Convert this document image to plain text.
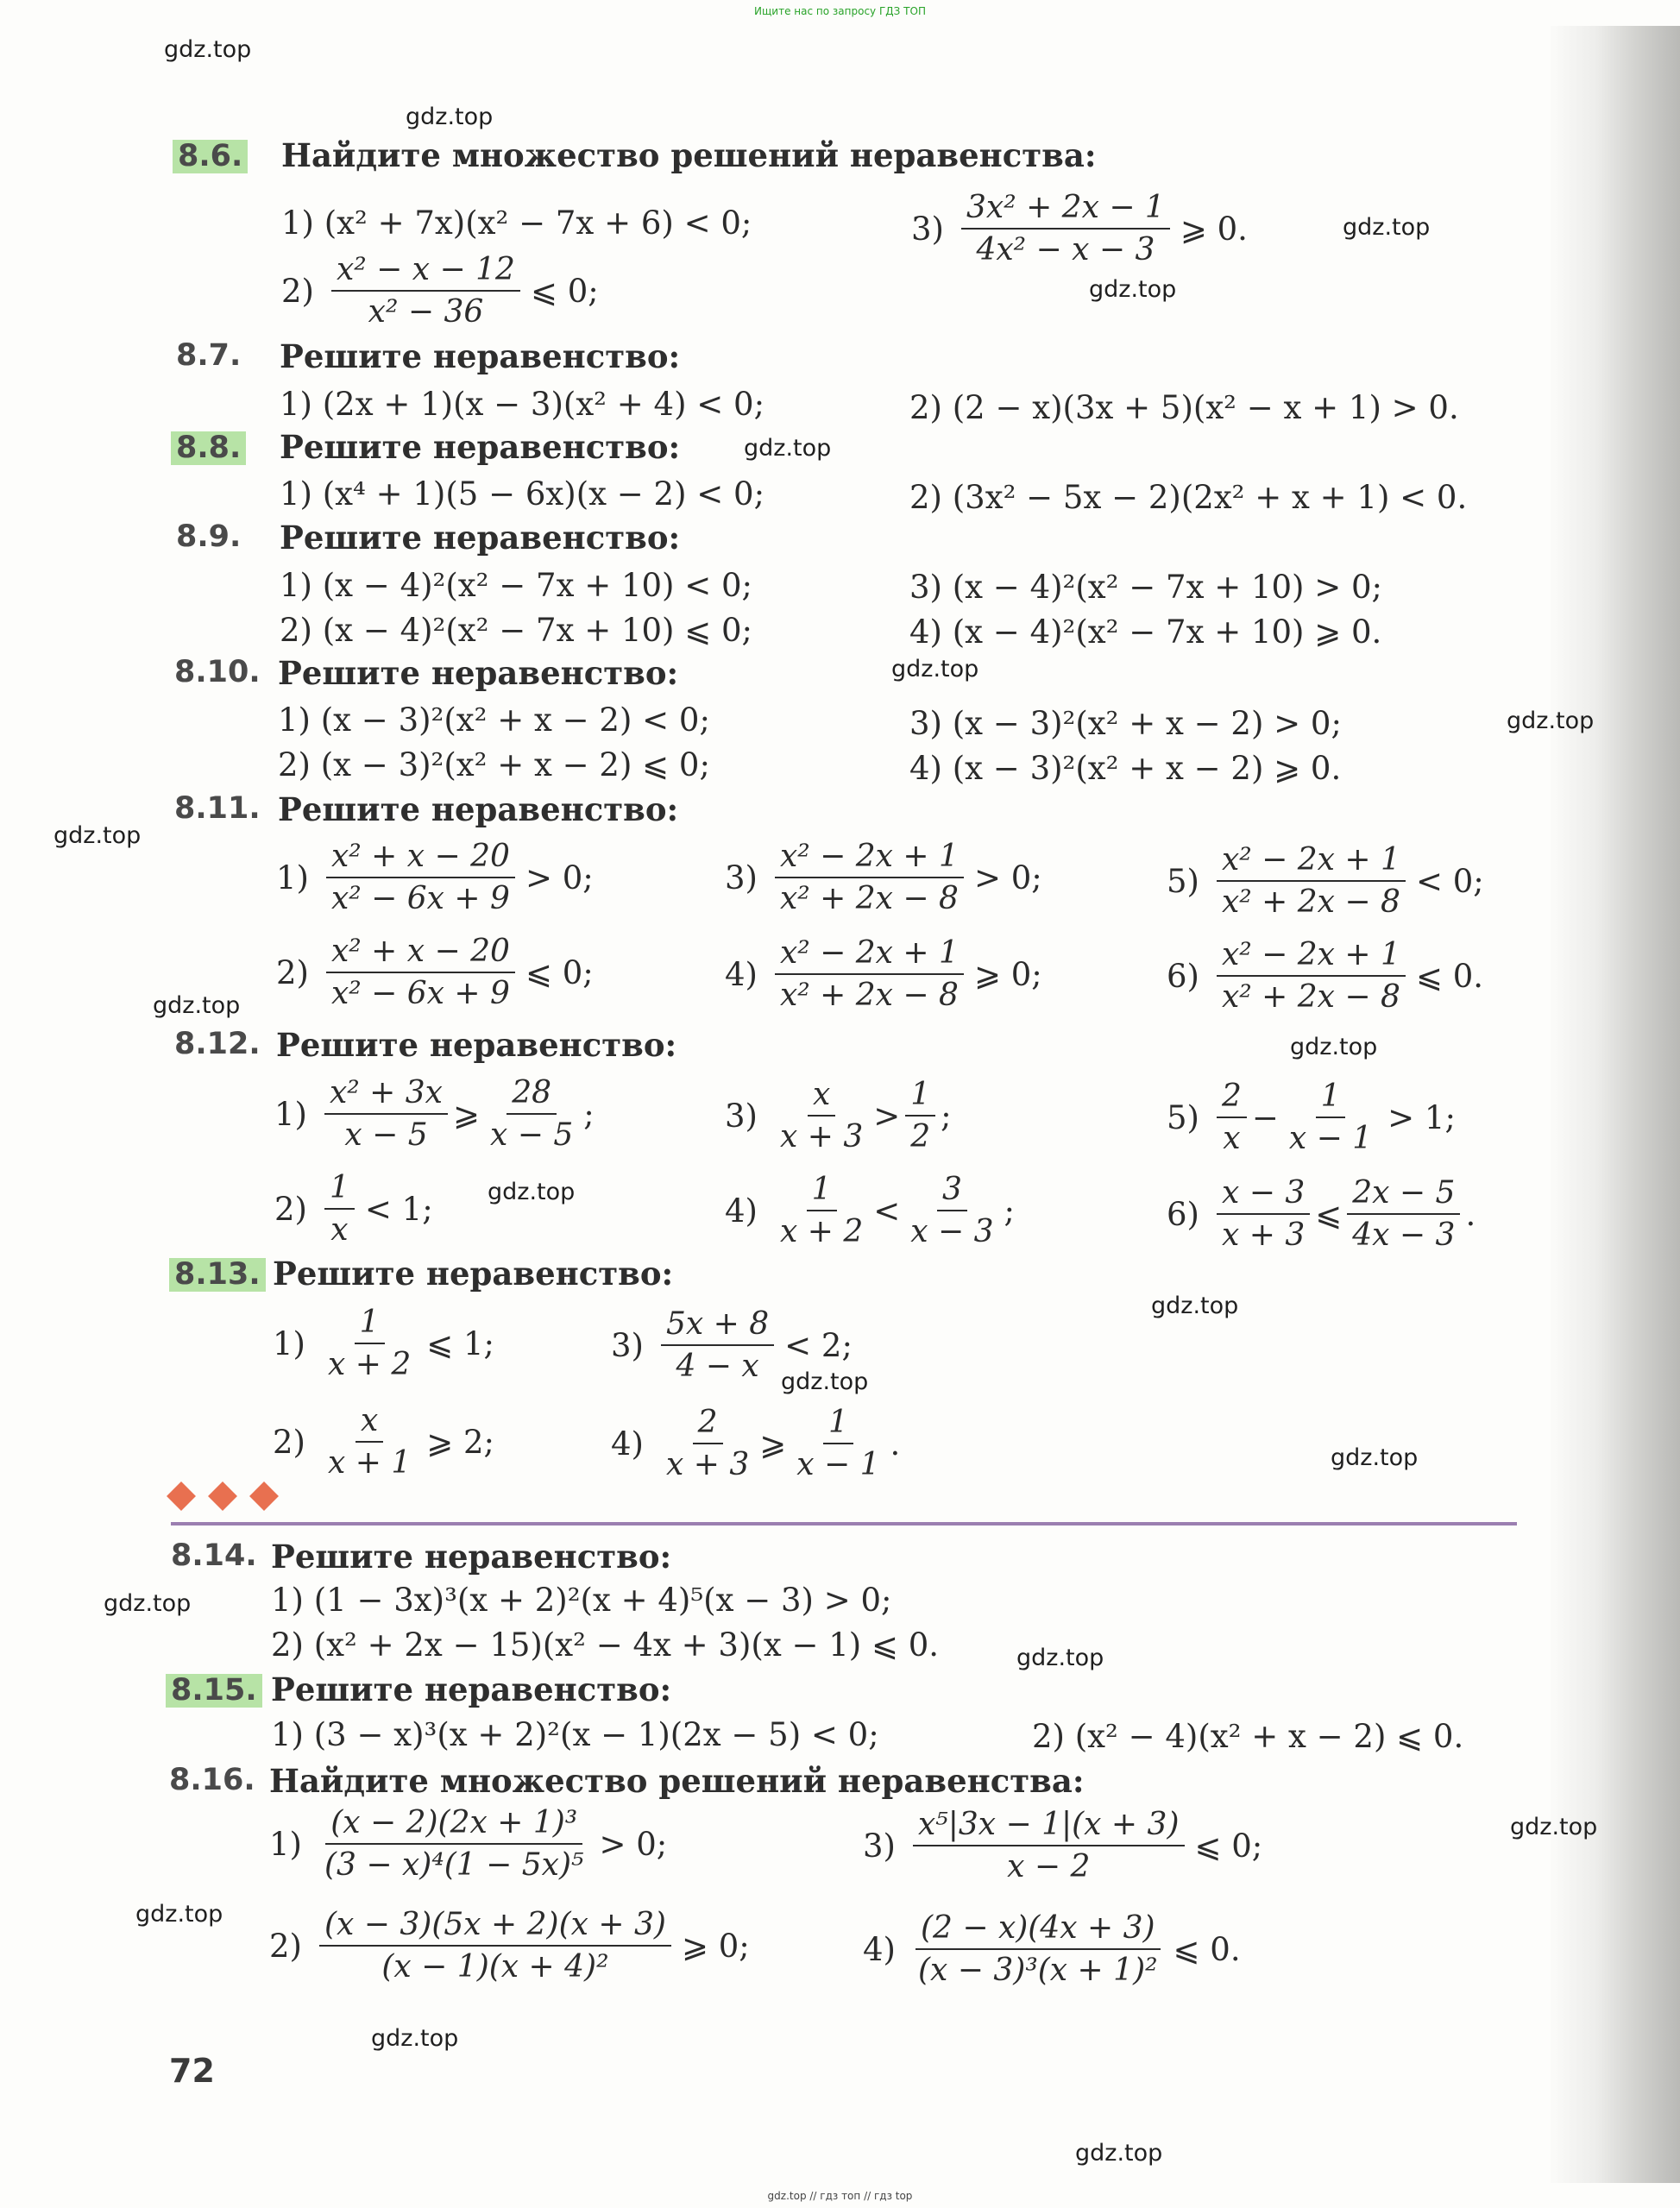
Ищите нас по запросу ГДЗ ТОП
gdz.top
gdz.top
gdz.top
gdz.top
gdz.top
gdz.top
gdz.top
gdz.top
gdz.top
gdz.top
gdz.top
gdz.top
gdz.top
gdz.top
gdz.top
gdz.top
gdz.top
gdz.top
gdz.top
gdz.top
8.6. Найдите множество решений неравенства:
1) (x² + 7x)(x² − 7x + 6) < 0;
$2) \frac{\text{x² − x − 12}}{\text{x² − 36}}$ ⩽ 0;
$3) \frac{\text{3x² + 2x − 1}}{\text{4x² − x − 3}}$ ⩾ 0.
8.7. Решите неравенство:
1) (2x + 1)(x − 3)(x² + 4) < 0;	2) (2 − x)(3x + 5)(x² − x + 1) > 0.
8.8. Решите неравенство:
1) (x⁴ + 1)(5 − 6x)(x − 2) < 0;	2) (3x² − 5x − 2)(2x² + x + 1) < 0.
8.9. Решите неравенство:
1) (x − 4)²(x² − 7x + 10) < 0;
2) (x − 4)²(x² − 7x + 10) ⩽ 0;
3) (x − 4)²(x² − 7x + 10) > 0;
4) (x − 4)²(x² − 7x + 10) ⩾ 0.
8.10. Решите неравенство:
1) (x − 3)²(x² + x − 2) < 0;
2) (x − 3)²(x² + x − 2) ⩽ 0;
3) (x − 3)²(x² + x − 2) > 0;
4) (x − 3)²(x² + x − 2) ⩾ 0.
8.11. Решите неравенство:
$1) \frac{\text{x² + x − 20}}{\text{x² − 6x + 9}} > 0$;
$2) \frac{\text{x² + x − 20}}{\text{x² − 6x + 9}}$ ⩽ 0;
$3) \frac{\text{x² − 2x + 1}}{\text{x² + 2x − 8}} > 0$;
$4) \frac{\text{x² − 2x + 1}}{\text{x² + 2x − 8}}$ ⩾ 0;
$5) \frac{\text{x² − 2x + 1}}{\text{x² + 2x − 8}} < 0$;
$6) \frac{\text{x² − 2x + 1}}{\text{x² + 2x − 8}}$ ⩽ 0.
8.12. Решите неравенство:
$1) \frac{\text{x² + 3x}}{x - 5}$ ⩾ $\frac{28}{x - 5}$ ;
$2) \frac{1}{x} < 1$;
$3) \frac{x}{x + 3} > \frac{1}{2}$ ;
$4) \frac{1}{x + 2} < \frac{3}{x - 3}$ ;
$5) \frac{2}{x} - \frac{1}{x - 1} > 1$;
$6) \frac{x - 3}{x + 3}$ ⩽ $\frac{2x - 5}{4x - 3}$ .
8.13. Решите неравенство:
$1) \frac{1}{x + 2}$ ⩽ 1;
$2) \frac{x}{x + 1}$ ⩾ 2;
$3) \frac{5x + 8}{4 - x} < 2$;
$4) \frac{2}{x + 3}$ ⩾ $\frac{1}{x - 1}$ .
8.14. Решите неравенство:
1) (1 − 3x)³(x + 2)²(x + 4)⁵(x − 3) > 0;
2) (x² + 2x − 15)(x² − 4x + 3)(x − 1) ⩽ 0.
8.15. Решите неравенство:
1) (3 − x)³(x + 2)²(x − 1)(2x − 5) < 0;	2) (x² − 4)(x² + x − 2) ⩽ 0.
8.16. Найдите множество решений неравенства:
$1) \frac{\text{(x − 2)(2x + 1)³}}{\text{(3 − x)⁴(1 − 5x)⁵}} > 0$;
$2) \frac{(x - 3)(5x + 2)(x + 3)}{\text{(x − 1)(x + 4)²}}$ ⩾ 0;
$3) \frac{\text{x⁵|3x − 1|(x + 3)}}{x - 2}$ ⩽ 0;
$4) \frac{(2 - x)(4x + 3)}{\text{(x − 3)³(x + 1)²}}$ ⩽ 0.
72
gdz.top // гдз топ // гдз top
